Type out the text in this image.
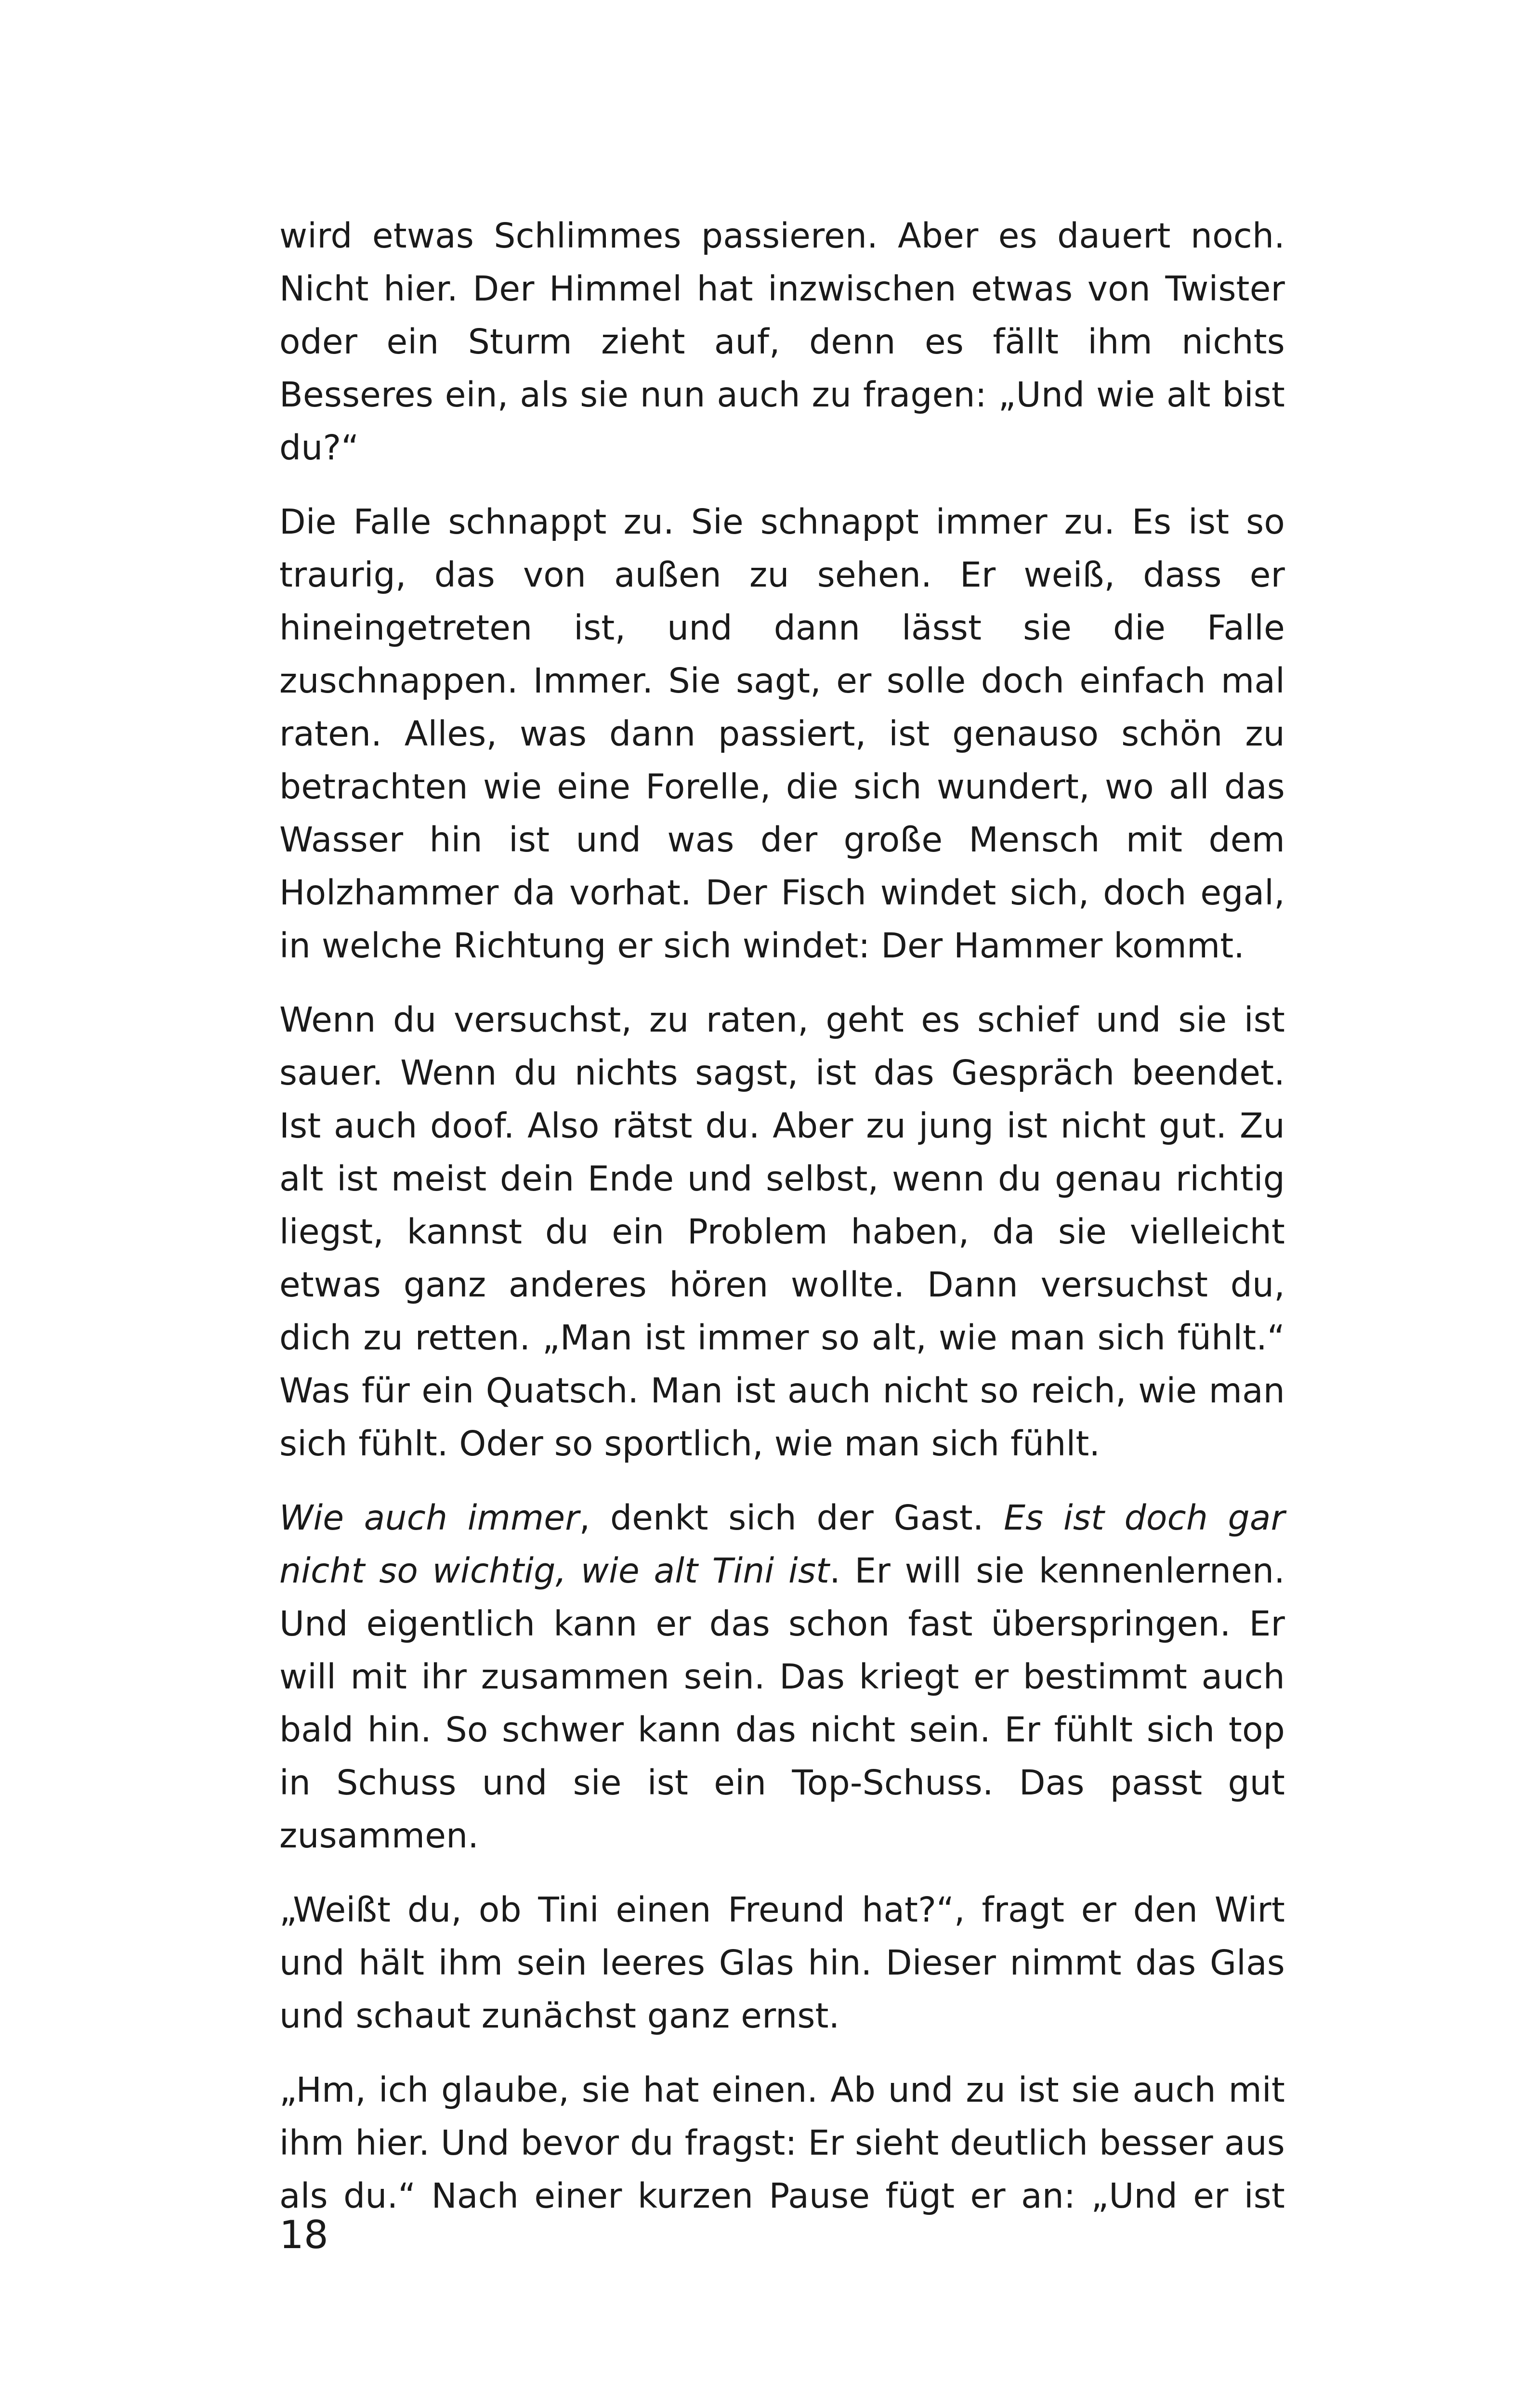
wird etwas Schlimmes passieren. Aber es dauert noch. Nicht hier. Der Himmel hat inzwischen etwas von Twister oder ein Sturm zieht auf, denn es fällt ihm nichts Besseres ein, als sie nun auch zu fragen: „Und wie alt bist du?“

Die Falle schnappt zu. Sie schnappt immer zu. Es ist so traurig, das von außen zu sehen. Er weiß, dass er hineingetreten ist, und dann lässt sie die Falle zuschnappen. Immer. Sie sagt, er solle doch einfach mal raten. Alles, was dann passiert, ist genauso schön zu betrachten wie eine Forelle, die sich wundert, wo all das Wasser hin ist und was der große Mensch mit dem Holzhammer da vorhat. Der Fisch windet sich, doch egal, in welche Richtung er sich windet: Der Hammer kommt.

Wenn du versuchst, zu raten, geht es schief und sie ist sauer. Wenn du nichts sagst, ist das Gespräch beendet. Ist auch doof. Also rätst du. Aber zu jung ist nicht gut. Zu alt ist meist dein Ende und selbst, wenn du genau richtig liegst, kannst du ein Problem haben, da sie vielleicht etwas ganz anderes hören wollte. Dann versuchst du, dich zu retten. „Man ist immer so alt, wie man sich fühlt.“ Was für ein Quatsch. Man ist auch nicht so reich, wie man sich fühlt. Oder so sportlich, wie man sich fühlt.

Wie auch immer, denkt sich der Gast. Es ist doch gar nicht so wichtig, wie alt Tini ist. Er will sie kennenlernen. Und eigentlich kann er das schon fast überspringen. Er will mit ihr zusammen sein. Das kriegt er bestimmt auch bald hin. So schwer kann das nicht sein. Er fühlt sich top in Schuss und sie ist ein Top-Schuss. Das passt gut zusammen.

„Weißt du, ob Tini einen Freund hat?“, fragt er den Wirt und hält ihm sein leeres Glas hin. Dieser nimmt das Glas und schaut zunächst ganz ernst.

„Hm, ich glaube, sie hat einen. Ab und zu ist sie auch mit ihm hier. Und bevor du fragst: Er sieht deutlich besser aus als du.“ Nach einer kurzen Pause fügt er an: „Und er ist

18
